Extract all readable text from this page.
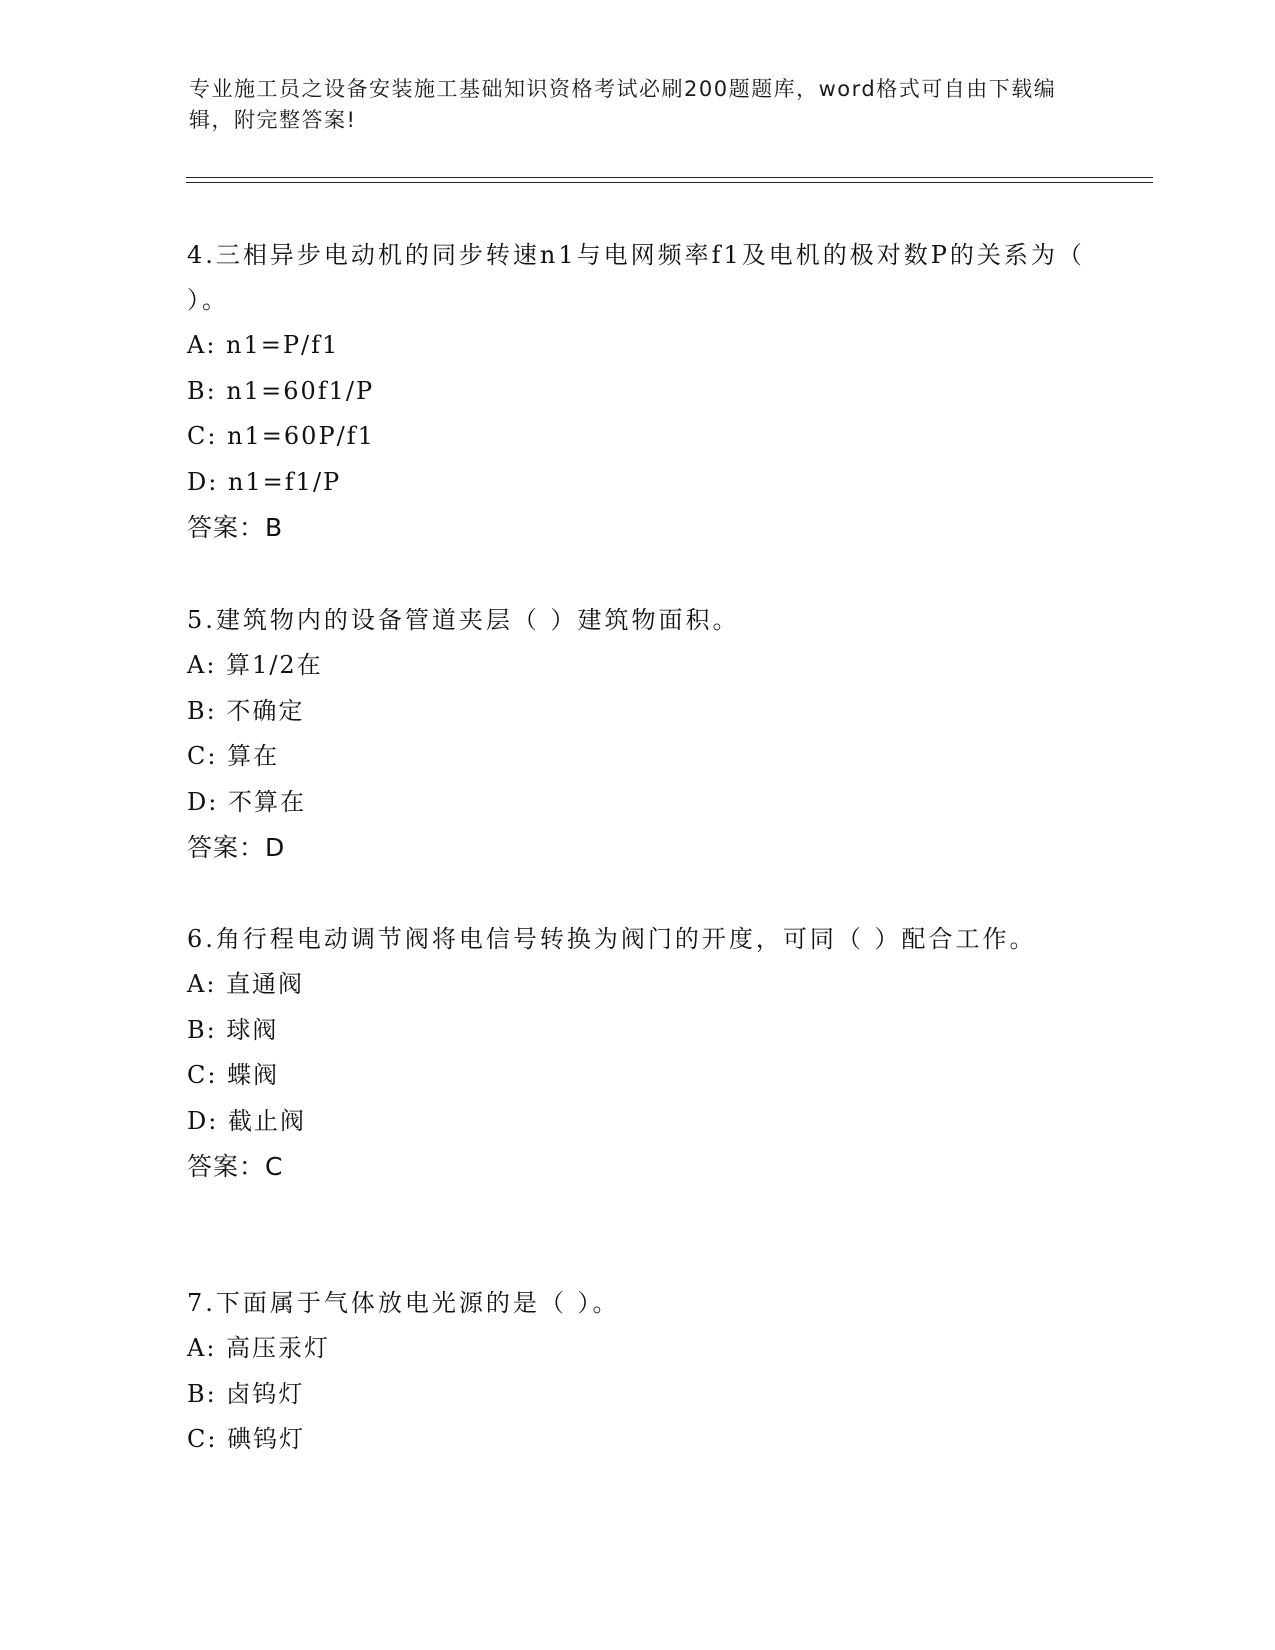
专业施工员之设备安装施工基础知识资格考试必刷200题题库，word格式可自由下载编辑，附完整答案!

4.三相异步电动机的同步转速n1与电网频率f1及电机的极对数P的关系为（ ）。

A: n1=P/f1

B: n1=60f1/P

C: n1=60P/f1

D: n1=f1/P

答案：B

5.建筑物内的设备管道夹层（ ）建筑物面积。

A: 算1/2在

B: 不确定

C: 算在

D: 不算在

答案：D

6.角行程电动调节阀将电信号转换为阀门的开度，可同（ ）配合工作。

A: 直通阀

B: 球阀

C: 蝶阀

D: 截止阀

答案：C

7.下面属于气体放电光源的是（ ）。

A: 高压汞灯

B: 卤钨灯

C: 碘钨灯
